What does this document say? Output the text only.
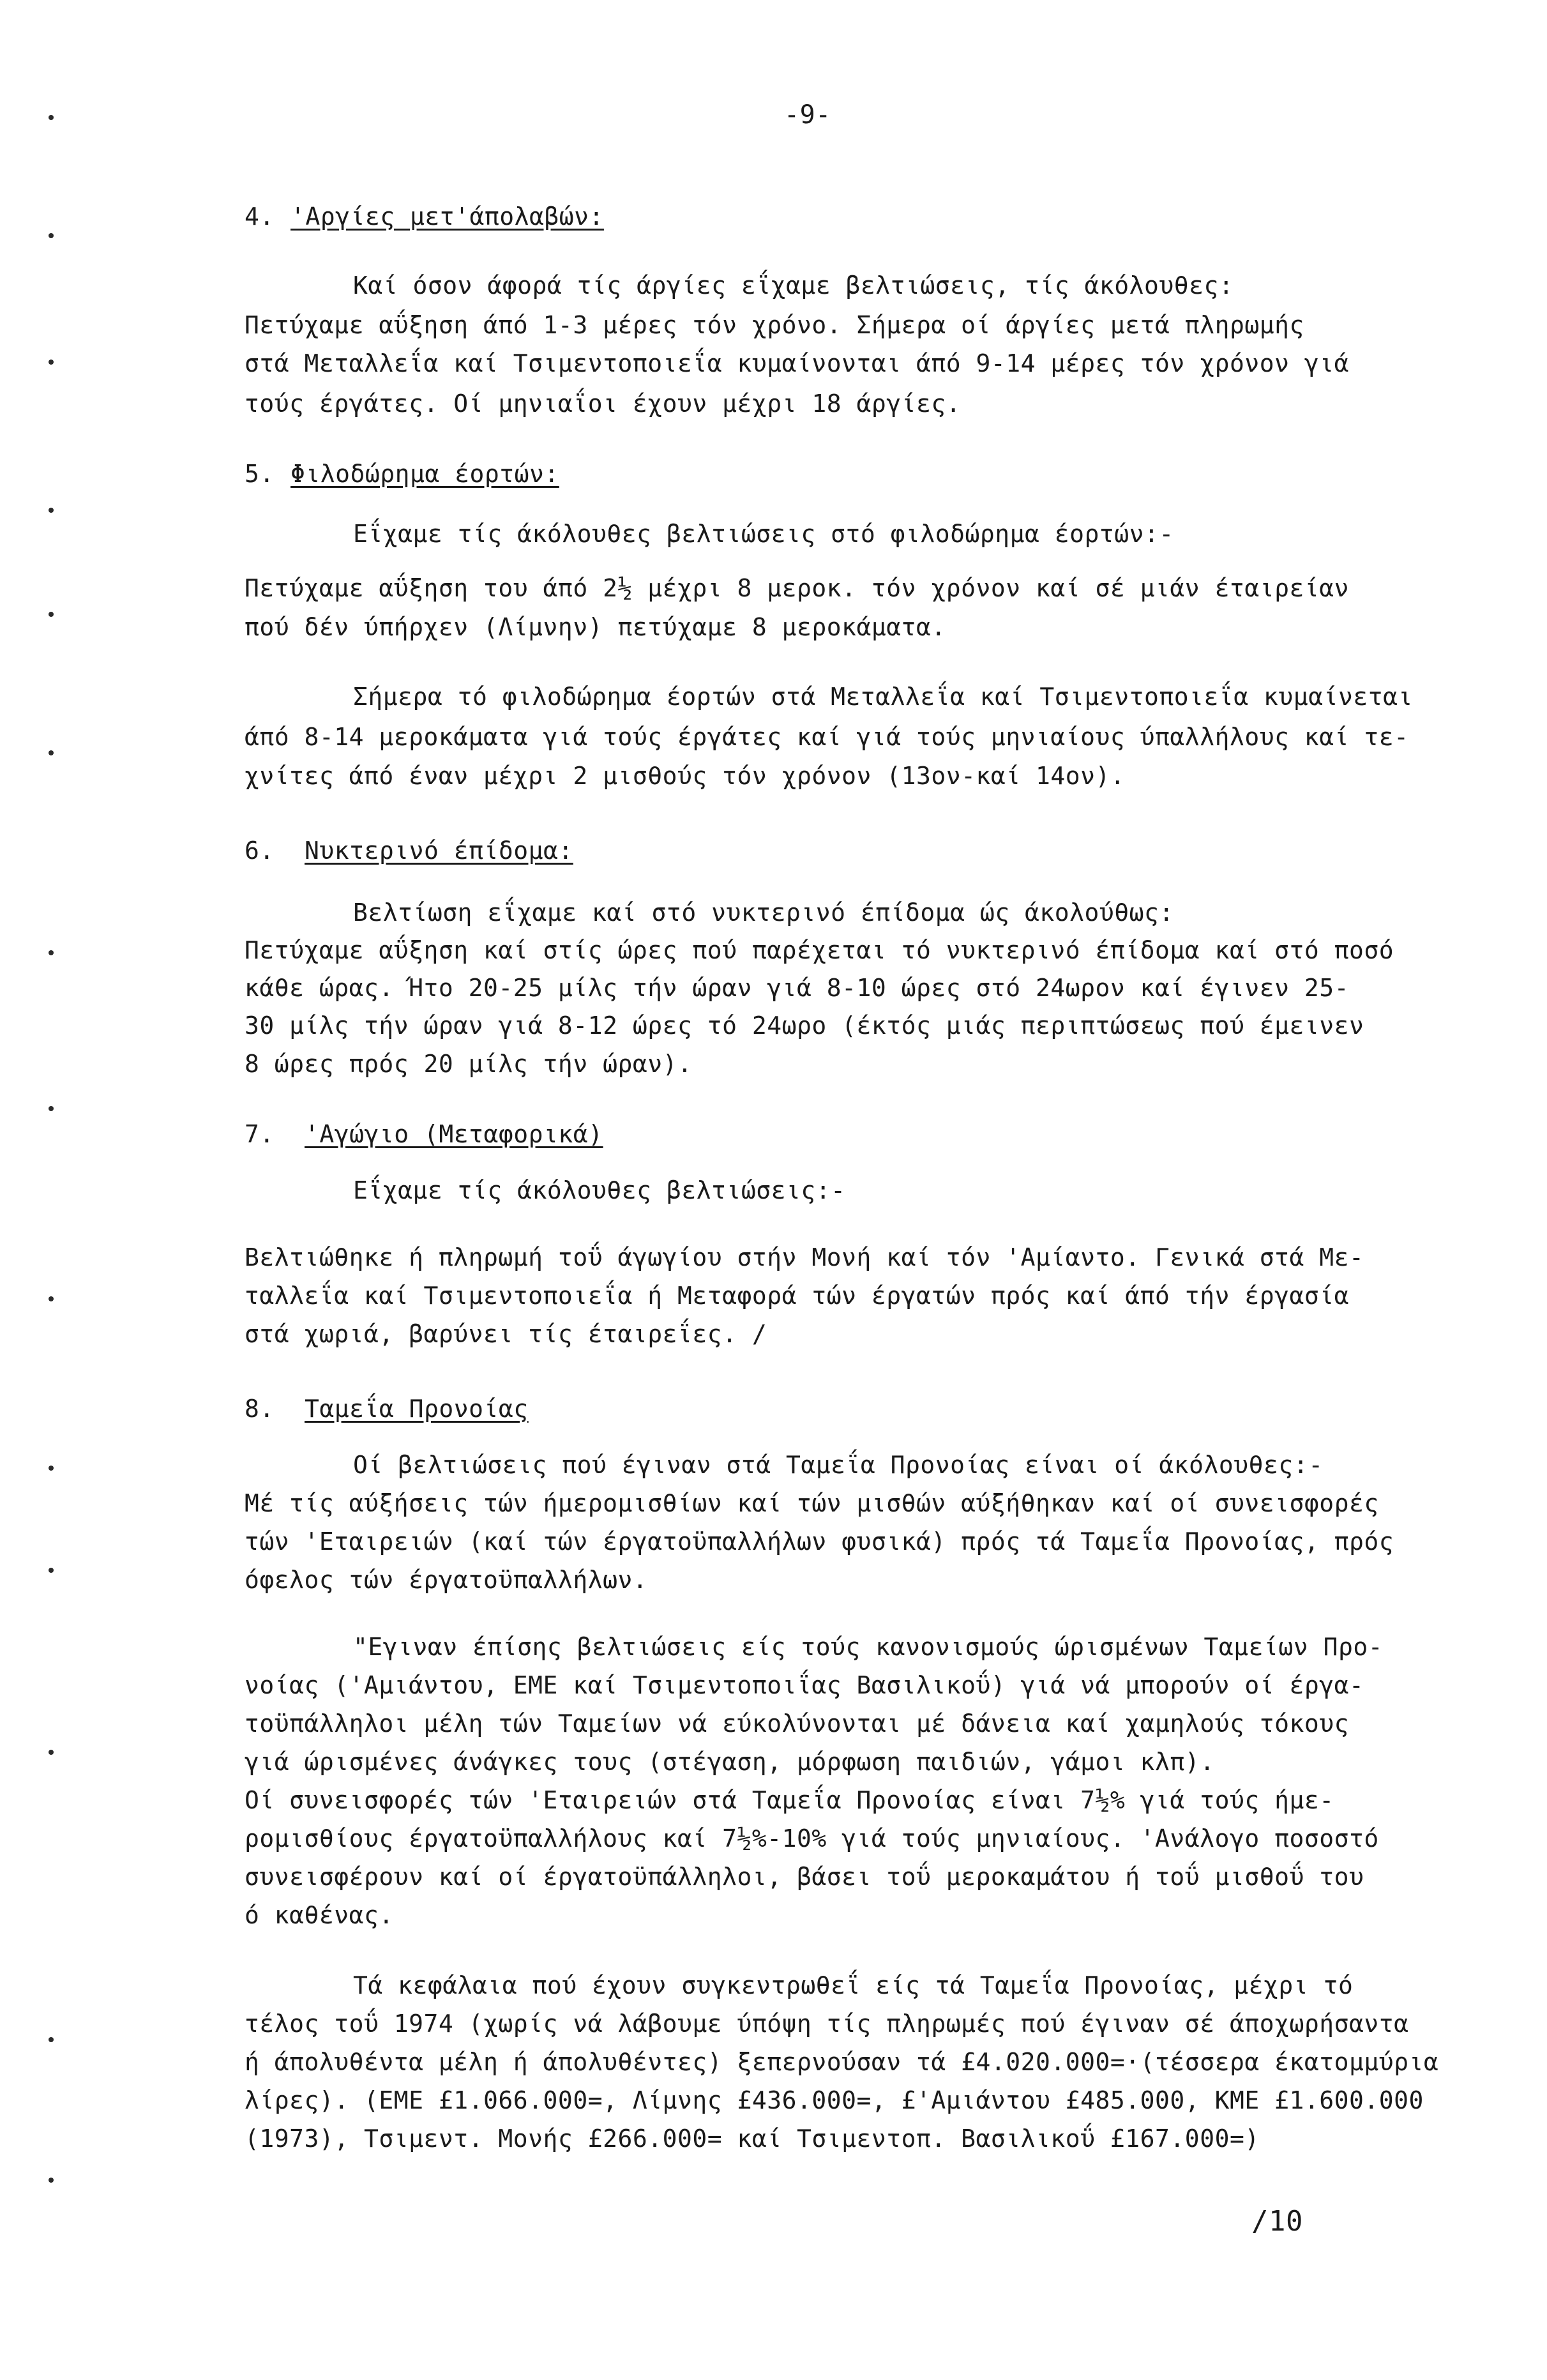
-9-
4. 'Αργίες μετ'άπολαβών:
Καί όσον άφορά τίς άργίες εΐχαμε βελτιώσεις, τίς άκόλουθες:
Πετύχαμε αΰξηση άπό 1-3 μέρες τόν χρόνο. Σήμερα οί άργίες μετά πληρωμής
στά Μεταλλεΐα καί Τσιμεντοποιεΐα κυμαίνονται άπό 9-14 μέρες τόν χρόνον γιά
τούς έργάτες. Οί μηνιαΐοι έχουν μέχρι 18 άργίες.
5. Φιλοδώρημα έορτών:
Εΐχαμε τίς άκόλουθες βελτιώσεις στό φιλοδώρημα έορτών:-
Πετύχαμε αΰξηση του άπό 2½ μέχρι 8 μεροκ. τόν χρόνον καί σέ μιάν έταιρείαν
πού δέν ύπήρχεν (Λίμνην) πετύχαμε 8 μεροκάματα.
Σήμερα τό φιλοδώρημα έορτών στά Μεταλλεΐα καί Τσιμεντοποιεΐα κυμαίνεται
άπό 8-14 μεροκάματα γιά τούς έργάτες καί γιά τούς μηνιαίους ύπαλλήλους καί τε-
χνίτες άπό έναν μέχρι 2 μισθούς τόν χρόνον (13ον-καί 14ον).
6. Νυκτερινό έπίδομα:
Βελτίωση εΐχαμε καί στό νυκτερινό έπίδομα ώς άκολούθως:
Πετύχαμε αΰξηση καί στίς ώρες πού παρέχεται τό νυκτερινό έπίδομα καί στό ποσό
κάθε ώρας. Ήτο 20-25 μίλς τήν ώραν γιά 8-10 ώρες στό 24ωρον καί έγινεν 25-
30 μίλς τήν ώραν γιά 8-12 ώρες τό 24ωρο (έκτός μιάς περιπτώσεως πού έμεινεν
8 ώρες πρός 20 μίλς τήν ώραν).
7. 'Αγώγιο (Μεταφορικά)
Εΐχαμε τίς άκόλουθες βελτιώσεις:-
Βελτιώθηκε ή πληρωμή τοΰ άγωγίου στήν Μονή καί τόν 'Αμίαντο. Γενικά στά Με-
ταλλεΐα καί Τσιμεντοποιεΐα ή Μεταφορά τών έργατών πρός καί άπό τήν έργασία
στά χωριά, βαρύνει τίς έταιρεΐες. /
8. Ταμεΐα Προνοίας
Οί βελτιώσεις πού έγιναν στά Ταμεΐα Προνοίας είναι οί άκόλουθες:-
Μέ τίς αύξήσεις τών ήμερομισθίων καί τών μισθών αύξήθηκαν καί οί συνεισφορές
τών 'Εταιρειών (καί τών έργατοϋπαλλήλων φυσικά) πρός τά Ταμεΐα Προνοίας, πρός
όφελος τών έργατοϋπαλλήλων.
"Εγιναν έπίσης βελτιώσεις είς τούς κανονισμούς ώρισμένων Ταμείων Προ-
νοίας ('Αμιάντου, ΕΜΕ καί Τσιμεντοποιΐας Βασιλικοΰ) γιά νά μπορούν οί έργα-
τοϋπάλληλοι μέλη τών Ταμείων νά εύκολύνονται μέ δάνεια καί χαμηλούς τόκους
γιά ώρισμένες άνάγκες τους (στέγαση, μόρφωση παιδιών, γάμοι κλπ).
Οί συνεισφορές τών 'Εταιρειών στά Ταμεΐα Προνοίας είναι 7½% γιά τούς ήμε-
ρομισθίους έργατοϋπαλλήλους καί 7½%-10% γιά τούς μηνιαίους. 'Ανάλογο ποσοστό
συνεισφέρουν καί οί έργατοϋπάλληλοι, βάσει τοΰ μεροκαμάτου ή τοΰ μισθοΰ του
ό καθένας.
Τά κεφάλαια πού έχουν συγκεντρωθεΐ είς τά Ταμεΐα Προνοίας, μέχρι τό
τέλος τοΰ 1974 (χωρίς νά λάβουμε ύπόψη τίς πληρωμές πού έγιναν σέ άποχωρήσαντα
ή άπολυθέντα μέλη ή άπολυθέντες) ξεπερνούσαν τά £4.020.000=·(τέσσερα έκατομμύρια
λίρες). (ΕΜΕ £1.066.000=, Λίμνης £436.000=, £'Αμιάντου £485.000, ΚΜΕ £1.600.000
(1973), Τσιμεντ. Μονής £266.000= καί Τσιμεντοπ. Βασιλικοΰ £167.000=)
/10
